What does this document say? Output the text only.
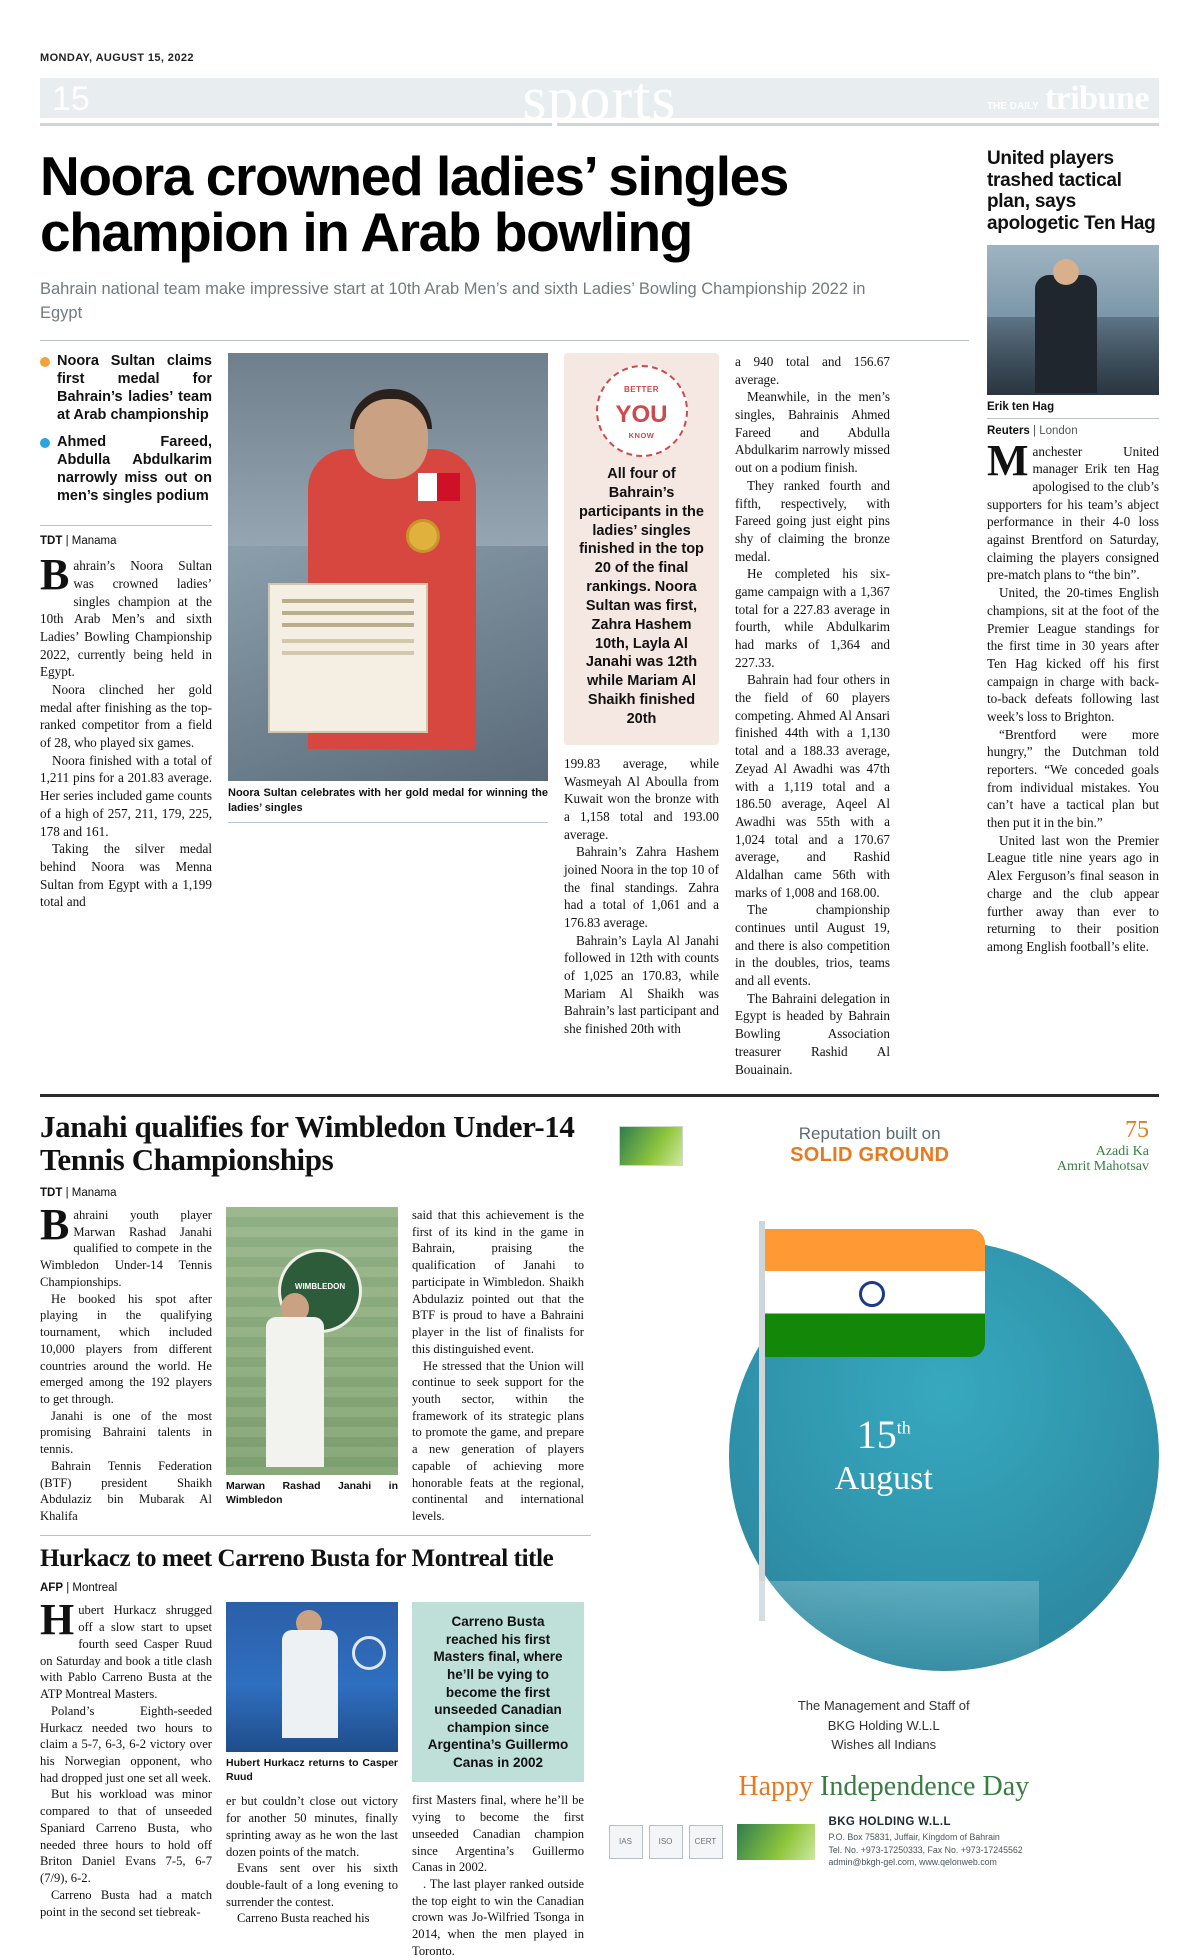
MONDAY, AUGUST 15, 2022
15	sports	THE DAILY tribune
Noora crowned ladies’ singles champion in Arab bowling
Bahrain national team make impressive start at 10th Arab Men’s and sixth Ladies’ Bowling Championship 2022 in Egypt
Noora Sultan claims first medal for Bahrain’s ladies’ team at Arab championship
Ahmed Fareed, Abdulla Abdulkarim narrowly miss out on men’s singles podium
TDT | Manama

Bahrain’s Noora Sultan was crowned ladies’ singles champion at the 10th Arab Men’s and sixth Ladies’ Bowling Championship 2022, currently being held in Egypt.

Noora clinched her gold medal after finishing as the top-ranked competitor from a field of 28, who played six games.

Noora finished with a total of 1,211 pins for a 201.83 average. Her series included game counts of a high of 257, 211, 179, 225, 178 and 161.

Taking the silver medal behind Noora was Menna Sultan from Egypt with a 1,199 total and

Noora Sultan celebrates with her gold medal for winning the ladies’ singles
BETTER
YOU
KNOW
All four of Bahrain’s participants in the ladies’ singles finished in the top 20 of the final rankings. Noora Sultan was first, Zahra Hashem 10th, Layla Al Janahi was 12th while Mariam Al Shaikh finished 20th

199.83 average, while Wasmeyah Al Aboulla from Kuwait won the bronze with a 1,158 total and 193.00 average.

Bahrain’s Zahra Hashem joined Noora in the top 10 of the final standings. Zahra had a total of 1,061 and a 176.83 average.

Bahrain’s Layla Al Janahi followed in 12th with counts of 1,025 an 170.83, while Mariam Al Shaikh was Bahrain’s last participant and she finished 20th with

a 940 total and 156.67 average.

Meanwhile, in the men’s singles, Bahrainis Ahmed Fareed and Abdulla Abdulkarim narrowly missed out on a podium finish.

They ranked fourth and fifth, respectively, with Fareed going just eight pins shy of claiming the bronze medal.

He completed his six-game campaign with a 1,367 total for a 227.83 average in fourth, while Abdulkarim had marks of 1,364 and 227.33.

Bahrain had four others in the field of 60 players competing. Ahmed Al Ansari finished 44th with a 1,130 total and a 188.33 average, Zeyad Al Awadhi was 47th with a 1,119 total and a 186.50 average, Aqeel Al Awadhi was 55th with a 1,024 total and a 170.67 average, and Rashid Aldalhan came 56th with marks of 1,008 and 168.00.

The championship continues until August 19, and there is also competition in the doubles, trios, teams and all events.

The Bahraini delegation in Egypt is headed by Bahrain Bowling Association treasurer Rashid Al Bouainain.

United players trashed tactical plan, says apologetic Ten Hag
Erik ten Hag
Reuters | London

Manchester United manager Erik ten Hag apologised to the club’s supporters for his team’s abject performance in their 4-0 loss against Brentford on Saturday, claiming the players consigned pre-match plans to “the bin”.

United, the 20-times English champions, sit at the foot of the Premier League standings for the first time in 30 years after Ten Hag kicked off his first campaign in charge with back-to-back defeats following last week’s loss to Brighton.

“Brentford were more hungry,” the Dutchman told reporters. “We conceded goals from individual mistakes. You can’t have a tactical plan but then put it in the bin.”

United last won the Premier League title nine years ago in Alex Ferguson’s final season in charge and the club appear further away than ever to returning to their position among English football’s elite.

Janahi qualifies for Wimbledon Under-14 Tennis Championships
TDT | Manama

Bahraini youth player Marwan Rashad Janahi qualified to compete in the Wimbledon Under-14 Tennis Championships.

He booked his spot after playing in the qualifying tournament, which included 10,000 players from different countries around the world. He emerged among the 192 players to get through.

Janahi is one of the most promising Bahraini talents in tennis.

Bahrain Tennis Federation (BTF) president Shaikh Abdulaziz bin Mubarak Al Khalifa

WIMBLEDON
Marwan Rashad Janahi in Wimbledon

said that this achievement is the first of its kind in the game in Bahrain, praising the qualification of Janahi to participate in Wimbledon. Shaikh Abdulaziz pointed out that the BTF is proud to have a Bahraini player in the list of finalists for this distinguished event.

He stressed that the Union will continue to seek support for the youth sector, within the framework of its strategic plans to promote the game, and prepare a new generation of players capable of achieving more honorable feats at the regional, continental and international levels.

Hurkacz to meet Carreno Busta for Montreal title
AFP | Montreal

Hubert Hurkacz shrugged off a slow start to upset fourth seed Casper Ruud on Saturday and book a title clash with Pablo Carreno Busta at the ATP Montreal Masters.

Poland’s Eighth-seeded Hurkacz needed two hours to claim a 5-7, 6-3, 6-2 victory over his Norwegian opponent, who had dropped just one set all week.

But his workload was minor compared to that of unseeded Spaniard Carreno Busta, who needed three hours to hold off Briton Daniel Evans 7-5, 6-7 (7/9), 6-2.

Carreno Busta had a match point in the second set tiebreak-

Hubert Hurkacz returns to Casper Ruud

er but couldn’t close out victory for another 50 minutes, finally sprinting away as he won the last dozen points of the match.

Evans sent over his sixth double-fault of a long evening to surrender the contest.

Carreno Busta reached his

Carreno Busta reached his first Masters final, where he’ll be vying to become the first unseeded Canadian champion since Argentina’s Guillermo Canas in 2002

first Masters final, where he’ll be vying to become the first unseeded Canadian champion since Argentina’s Guillermo Canas in 2002.

. The last player ranked outside the top eight to win the Canadian crown was Jo-Wilfried Tsonga in 2014, when the men played in Toronto.

Reputation built on
SOLID GROUND
75
Azadi Ka
Amrit Mahotsav
15th
August
The Management and Staff of
BKG Holding W.L.L
Wishes all Indians
Happy Independence Day
IAS	ISO	CERT
BKG HOLDING W.L.L
P.O. Box 75831, Juffair, Kingdom of Bahrain
Tel. No. +973-17250333, Fax No. +973-17245562
admin@bkgh-gel.com, www.qelonweb.com
